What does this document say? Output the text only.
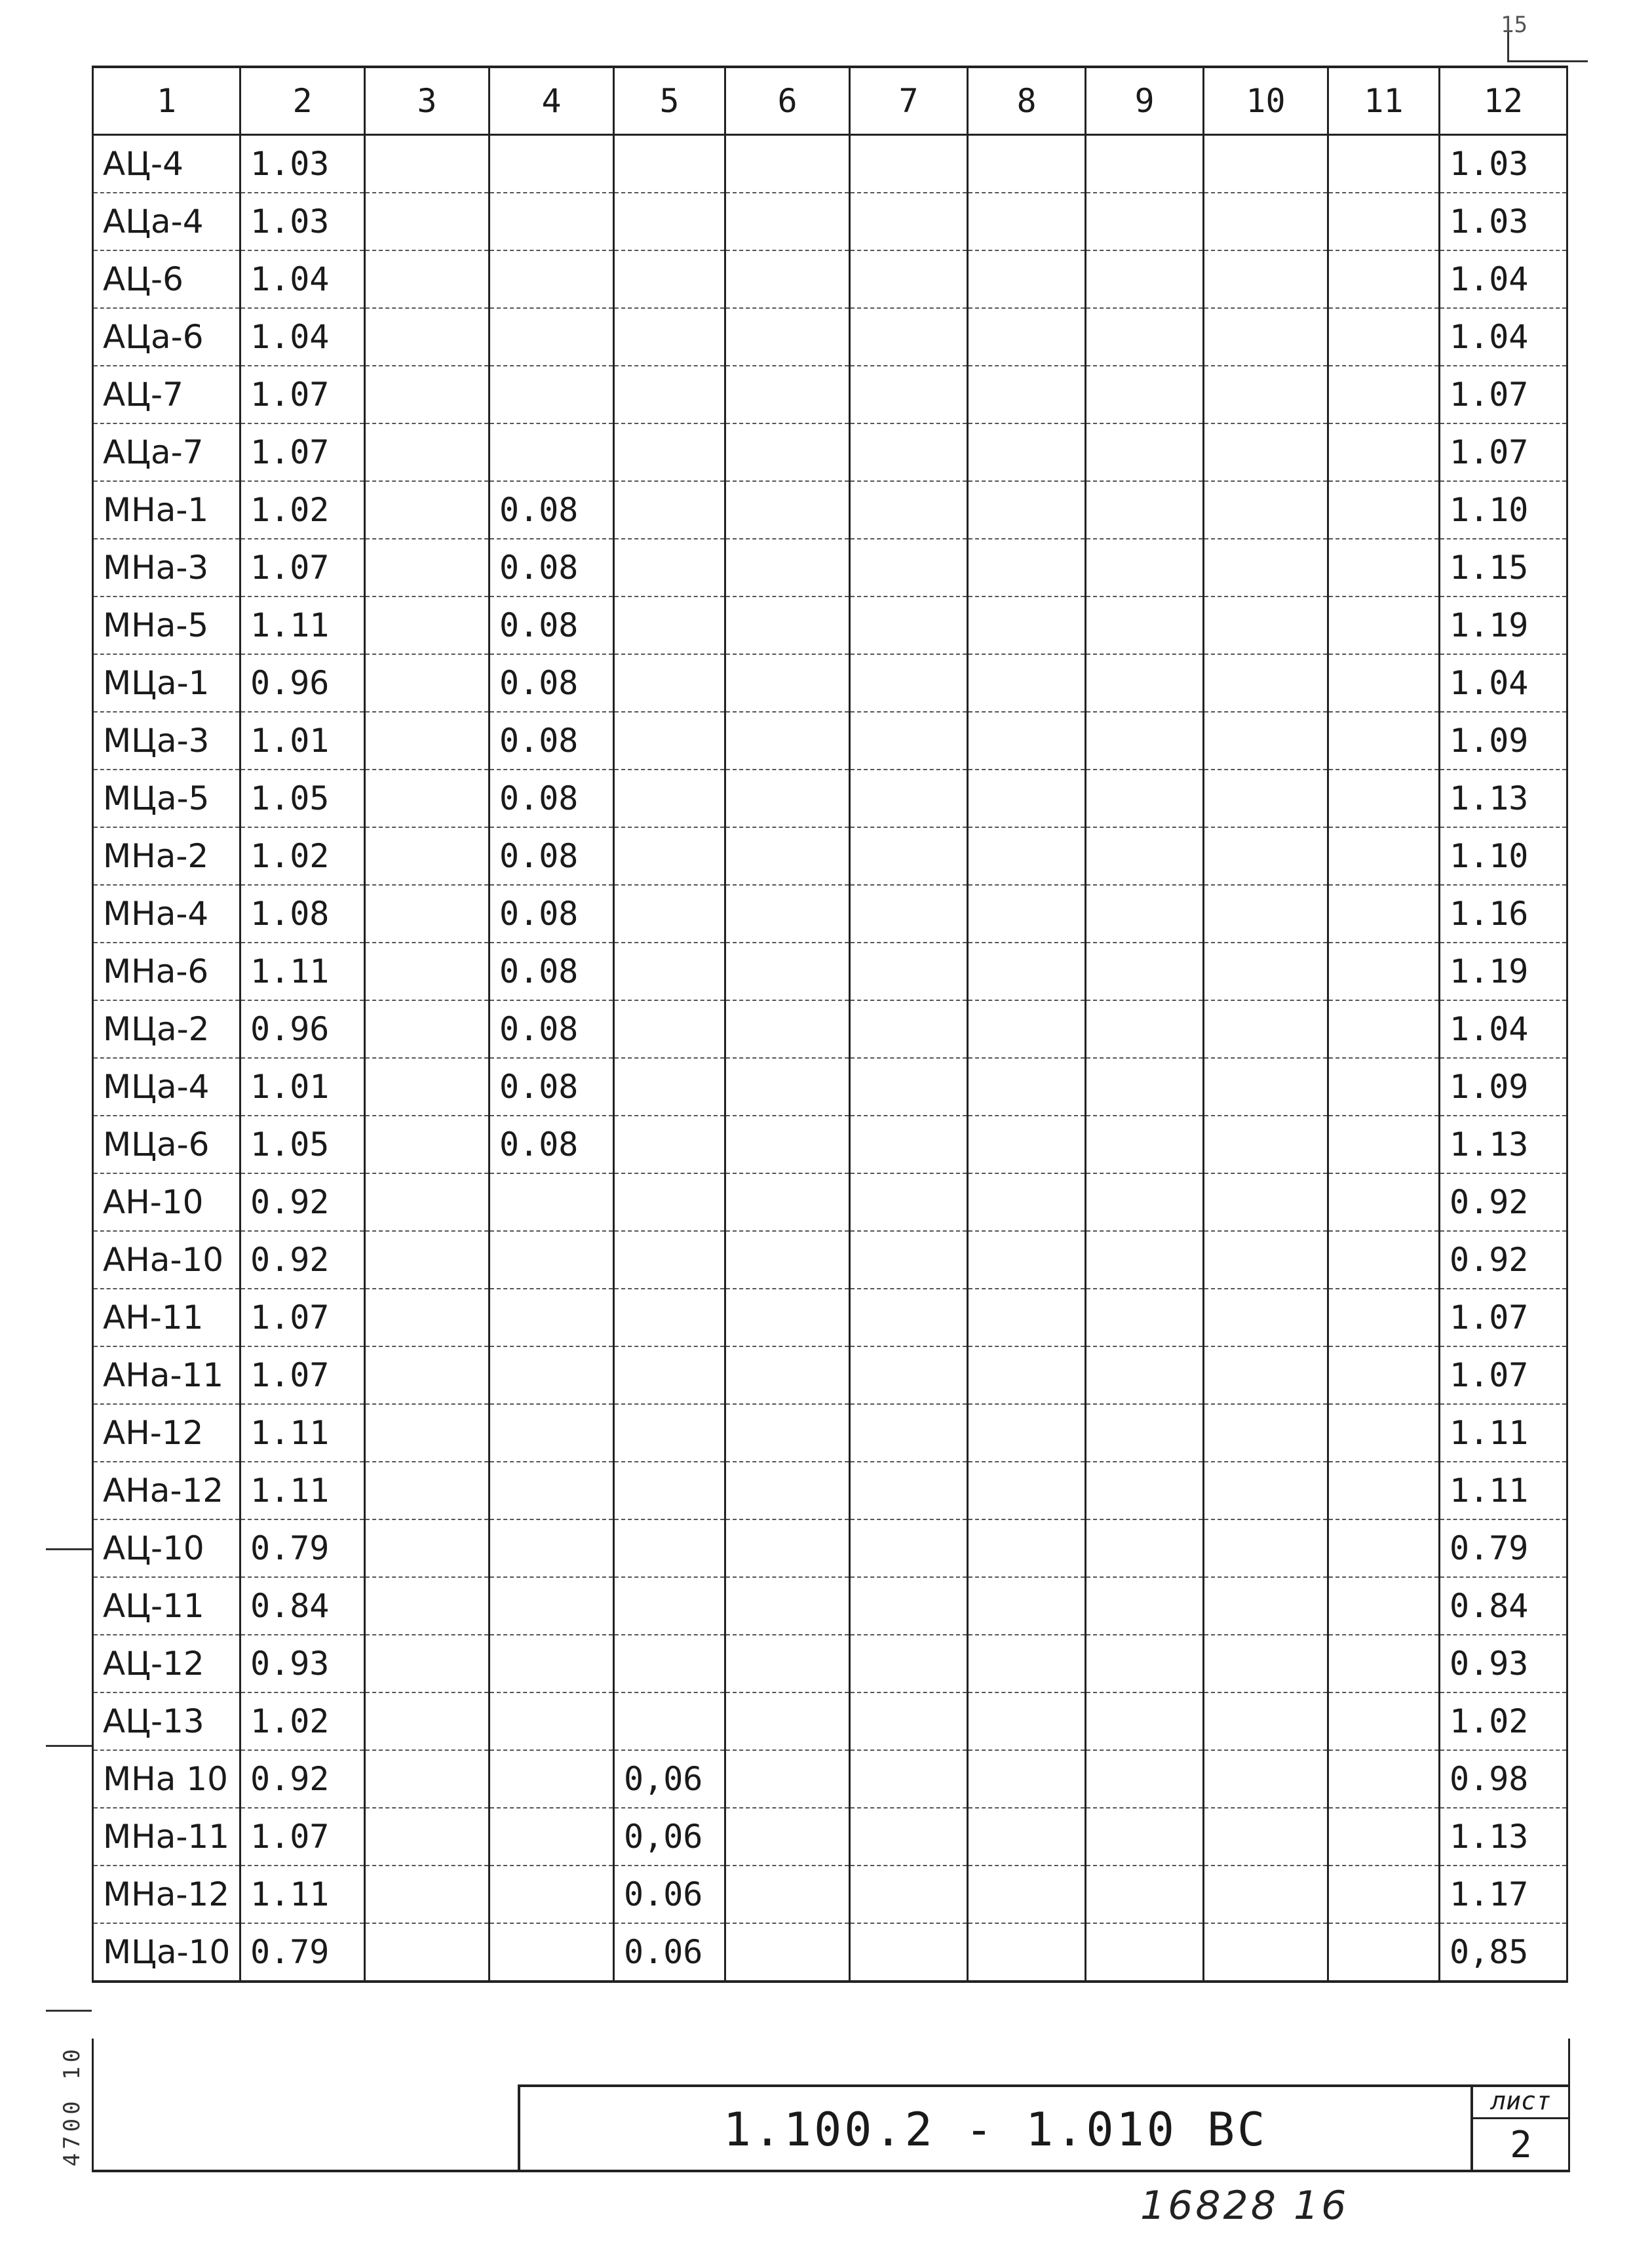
15
4700 10
1	2	3	4	5	6	7	8	9	10	11	12
АЦ-4	1.03										1.03
АЦа-4	1.03										1.03
АЦ-6	1.04										1.04
АЦа-6	1.04										1.04
АЦ-7	1.07										1.07
АЦа-7	1.07										1.07
МНа-1	1.02		0.08								1.10
МНа-3	1.07		0.08								1.15
МНа-5	1.11		0.08								1.19
МЦа-1	0.96		0.08								1.04
МЦа-3	1.01		0.08								1.09
МЦа-5	1.05		0.08								1.13
МНа-2	1.02		0.08								1.10
МНа-4	1.08		0.08								1.16
МНа-6	1.11		0.08								1.19
МЦа-2	0.96		0.08								1.04
МЦа-4	1.01		0.08								1.09
МЦа-6	1.05		0.08								1.13
АН-10	0.92										0.92
АНа-10	0.92										0.92
АН-11	1.07										1.07
АНа-11	1.07										1.07
АН-12	1.11										1.11
АНа-12	1.11										1.11
АЦ-10	0.79										0.79
АЦ-11	0.84										0.84
АЦ-12	0.93										0.93
АЦ-13	1.02										1.02
МНа 10	0.92			0,06							0.98
МНа-11	1.07			0,06							1.13
МНа-12	1.11			0.06							1.17
МЦа-10	0.79			0.06							0,85
1.100.2 - 1.010 ВС
лист
2
16828 16
